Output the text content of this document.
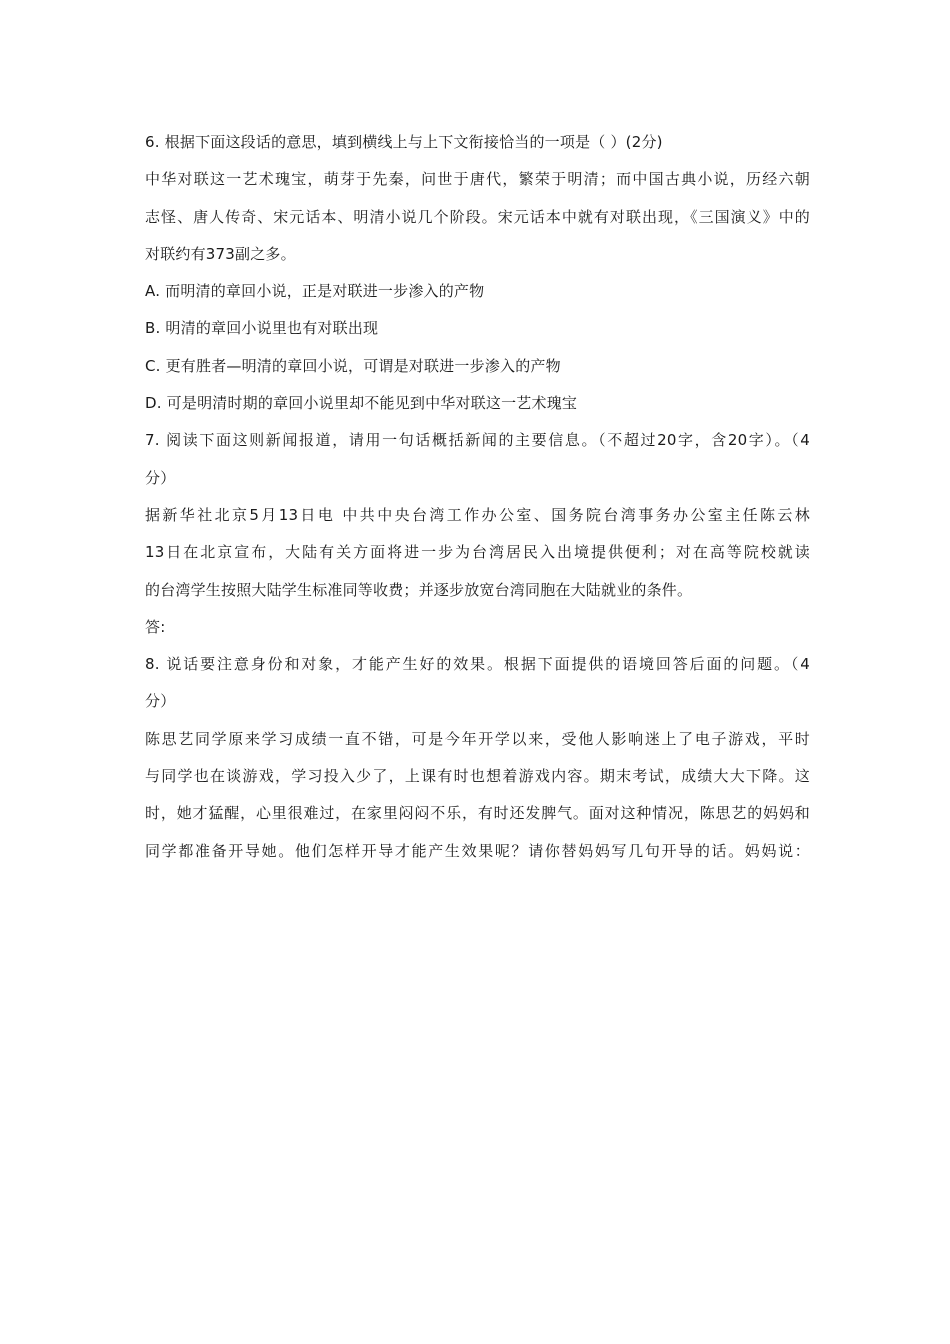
6. 根据下面这段话的意思，填到横线上与上下文衔接恰当的一项是（ ）(2分)
中华对联这一艺术瑰宝，萌芽于先秦，问世于唐代，繁荣于明清；而中国古典小说，历经六朝
志怪、唐人传奇、宋元话本、明清小说几个阶段。宋元话本中就有对联出现，《三国演义》中的
对联约有373副之多。
A. 而明清的章回小说，正是对联进一步渗入的产物
B. 明清的章回小说里也有对联出现
C. 更有胜者—明清的章回小说，可谓是对联进一步渗入的产物
D. 可是明清时期的章回小说里却不能见到中华对联这一艺术瑰宝
7. 阅读下面这则新闻报道，请用一句话概括新闻的主要信息。（不超过20字，含20字）。（4
分）
据新华社北京5月13日电 中共中央台湾工作办公室、国务院台湾事务办公室主任陈云林
13日在北京宣布，大陆有关方面将进一步为台湾居民入出境提供便利；对在高等院校就读
的台湾学生按照大陆学生标准同等收费；并逐步放宽台湾同胞在大陆就业的条件。
答:
8. 说话要注意身份和对象，才能产生好的效果。根据下面提供的语境回答后面的问题。（4
分）
陈思艺同学原来学习成绩一直不错，可是今年开学以来，受他人影响迷上了电子游戏，平时
与同学也在谈游戏，学习投入少了，上课有时也想着游戏内容。期末考试，成绩大大下降。这
时，她才猛醒，心里很难过，在家里闷闷不乐，有时还发脾气。面对这种情况，陈思艺的妈妈和
同学都准备开导她。他们怎样开导才能产生效果呢？请你替妈妈写几句开导的话。妈妈说：
